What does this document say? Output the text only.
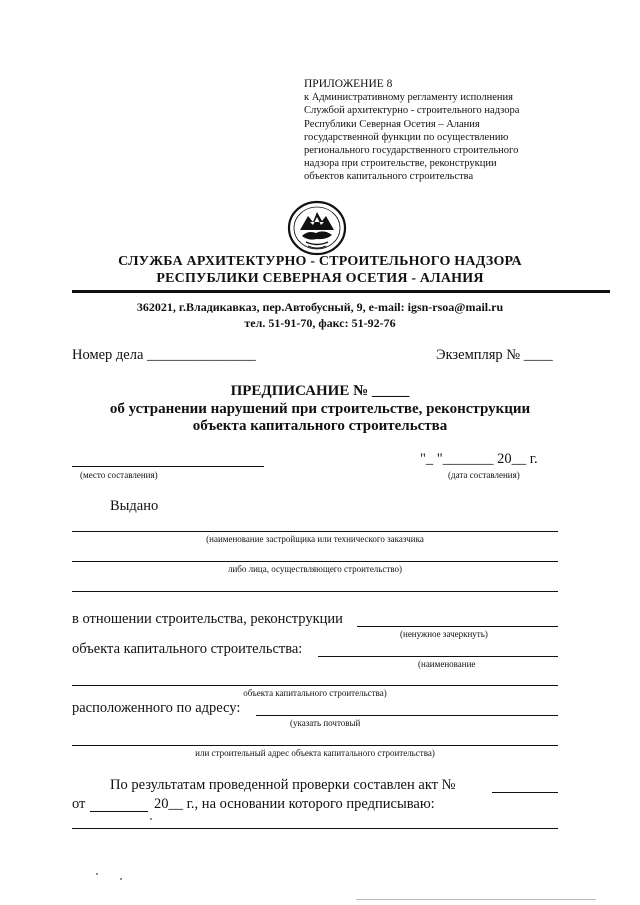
ПРИЛОЖЕНИЕ 8
к Административному регламенту исполнения
Службой архитектурно - строительного надзора
Республики Северная Осетия – Алания
государственной функции по осуществлению
регионального государственного строительного
надзора при строительстве, реконструкции
объектов капитального строительства
СЛУЖБА АРХИТЕКТУРНО - СТРОИТЕЛЬНОГО НАДЗОРА
РЕСПУБЛИКИ СЕВЕРНАЯ ОСЕТИЯ - АЛАНИЯ
362021, г.Владикавказ, пер.Автобусный, 9, e-mail: igsn-rsoa@mail.ru
тел. 51-91-70, факс: 51-92-76
Номер дела _______________	Экземпляр № ____
ПРЕДПИСАНИЕ № _____
об устранении нарушений при строительстве, реконструкции
объекта капитального строительства
(место составления)
"_ "_______ 20__ г.
(дата составления)
Выдано
(наименование застройщика или технического заказчика
либо лица, осуществляющего строительство)
в отношении строительства, реконструкции
(ненужное зачеркнуть)
объекта капитального строительства:
(наименование
объекта капитального строительства)
расположенного по адресу:
(указать почтовый
или строительный адрес объекта капитального строительства)
По результатам проведенной проверки составлен акт №
от	20__ г., на основании которого предписываю:
